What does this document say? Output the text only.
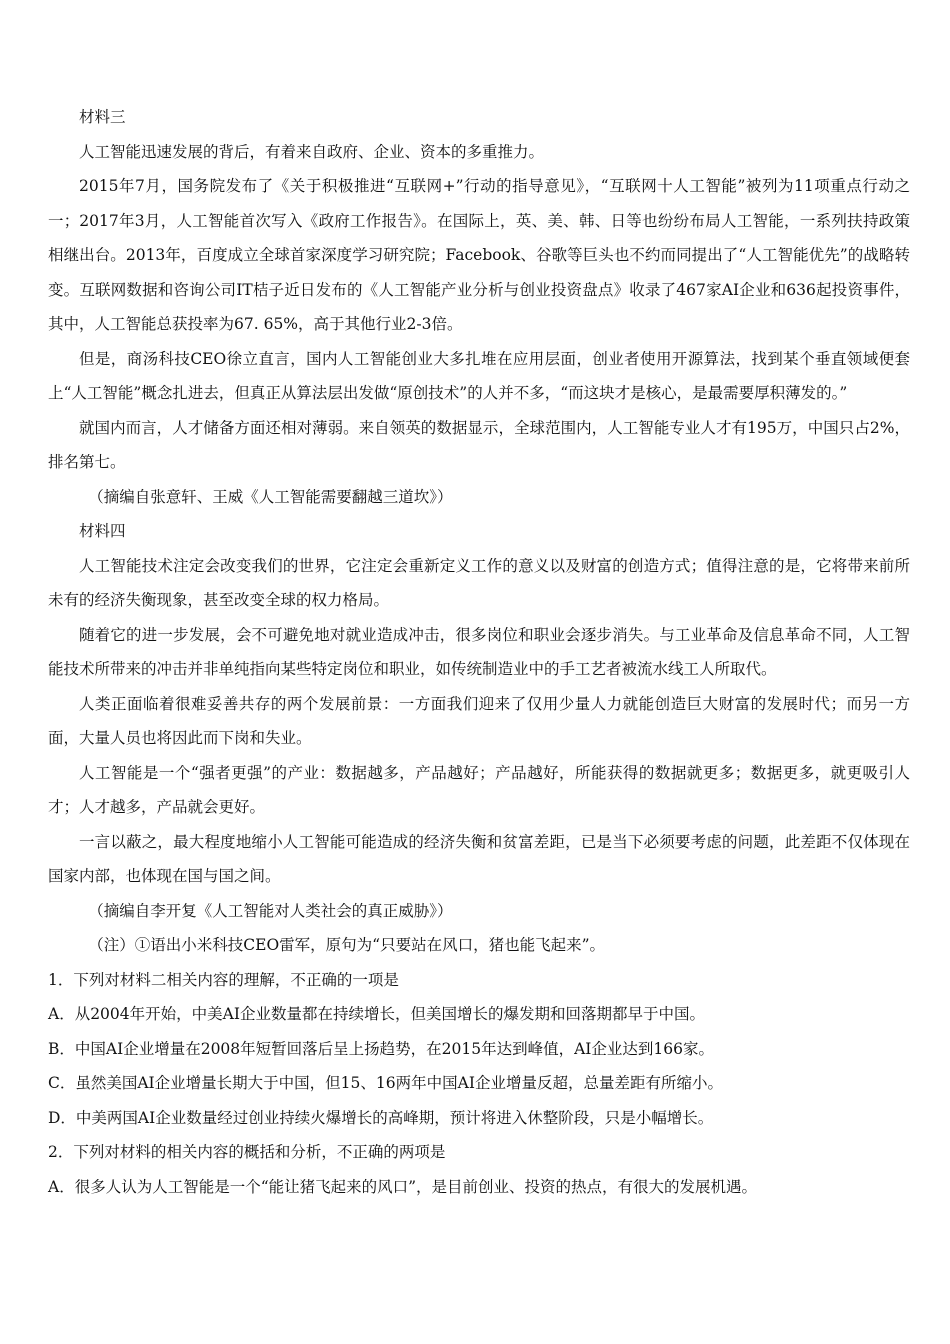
材料三

人工智能迅速发展的背后，有着来自政府、企业、资本的多重推力。

2015年7月，国务院发布了《关于积极推进“互联网+”行动的指导意见》，“互联网十人工智能”被列为11项重点行动之一；2017年3月，人工智能首次写入《政府工作报告》。在国际上，英、美、韩、日等也纷纷布局人工智能，一系列扶持政策相继出台。2013年，百度成立全球首家深度学习研究院；Facebook、谷歌等巨头也不约而同提出了“人工智能优先”的战略转变。互联网数据和咨询公司IT桔子近日发布的《人工智能产业分析与创业投资盘点》收录了467家AI企业和636起投资事件，其中，人工智能总获投率为67. 65%，高于其他行业2-3倍。

但是，商汤科技CEO徐立直言，国内人工智能创业大多扎堆在应用层面，创业者使用开源算法，找到某个垂直领域便套上“人工智能”概念扎进去，但真正从算法层出发做“原创技术”的人并不多，“而这块才是核心，是最需要厚积薄发的。”

就国内而言，人才储备方面还相对薄弱。来自领英的数据显示，全球范围内，人工智能专业人才有195万，中国只占2%，排名第七。

（摘编自张意轩、王威《人工智能需要翻越三道坎》）

材料四

人工智能技术注定会改变我们的世界，它注定会重新定义工作的意义以及财富的创造方式；值得注意的是，它将带来前所未有的经济失衡现象，甚至改变全球的权力格局。

随着它的进一步发展，会不可避免地对就业造成冲击，很多岗位和职业会逐步消失。与工业革命及信息革命不同，人工智能技术所带来的冲击并非单纯指向某些特定岗位和职业，如传统制造业中的手工艺者被流水线工人所取代。

人类正面临着很难妥善共存的两个发展前景：一方面我们迎来了仅用少量人力就能创造巨大财富的发展时代；而另一方面，大量人员也将因此而下岗和失业。

人工智能是一个“强者更强”的产业：数据越多，产品越好；产品越好，所能获得的数据就更多；数据更多，就更吸引人才；人才越多，产品就会更好。

一言以蔽之，最大程度地缩小人工智能可能造成的经济失衡和贫富差距，已是当下必须要考虑的问题，此差距不仅体现在国家内部，也体现在国与国之间。

（摘编自李开复《人工智能对人类社会的真正威胁》）

（注）①语出小米科技CEO雷军，原句为“只要站在风口，猪也能飞起来”。

1．下列对材料二相关内容的理解，不正确的一项是

A．从2004年开始，中美AI企业数量都在持续增长，但美国增长的爆发期和回落期都早于中国。

B．中国AI企业增量在2008年短暂回落后呈上扬趋势，在2015年达到峰值，AI企业达到166家。

C．虽然美国AI企业增量长期大于中国，但15、16两年中国AI企业增量反超，总量差距有所缩小。

D．中美两国AI企业数量经过创业持续火爆增长的高峰期，预计将进入休整阶段，只是小幅增长。

2．下列对材料的相关内容的概括和分析，不正确的两项是

A．很多人认为人工智能是一个“能让猪飞起来的风口”，是目前创业、投资的热点，有很大的发展机遇。
